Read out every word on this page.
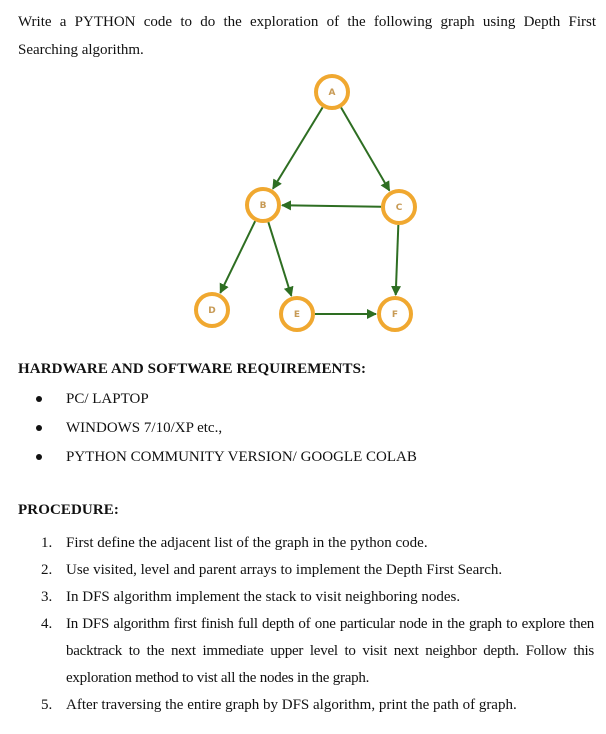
Write a PYTHON code to do the exploration of the following graph using Depth First Searching algorithm.

A
B	C
D	E	F
HARDWARE AND SOFTWARE REQUIREMENTS:
PC/ LAPTOP
WINDOWS 7/10/XP etc.,
PYTHON COMMUNITY VERSION/ GOOGLE COLAB
PROCEDURE:
1. First define the adjacent list of the graph in the python code.
2. Use visited, level and parent arrays to implement the Depth First Search.
3. In DFS algorithm implement the stack to visit neighboring nodes.
4. In DFS algorithm first finish full depth of one particular node in the graph to explore then backtrack to the next immediate upper level to visit next neighbor depth. Follow this exploration method to vist all the nodes in the graph.
5. After traversing the entire graph by DFS algorithm, print the path of graph.
